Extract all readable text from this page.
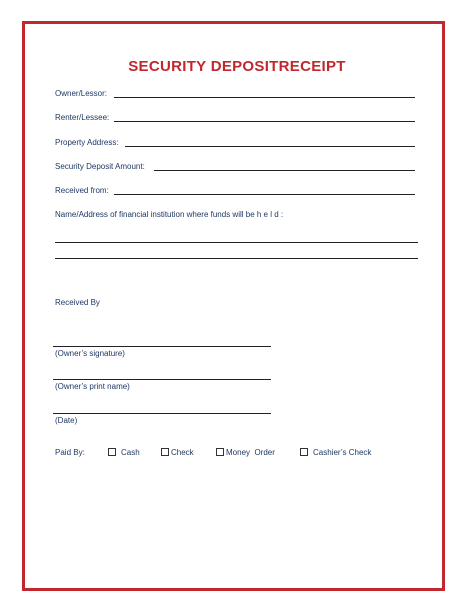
SECURITY DEPOSITRECEIPT
Owner/Lessor:
Renter/Lessee:
Property Address:
Security Deposit Amount:
Received from:
Name/Address of financial institution where funds will be h e l d :
Received By
(Owner’s signature)
(Owner’s print name)
(Date)
Paid By:	Cash	Check	Money  Order	Cashier’s Check
